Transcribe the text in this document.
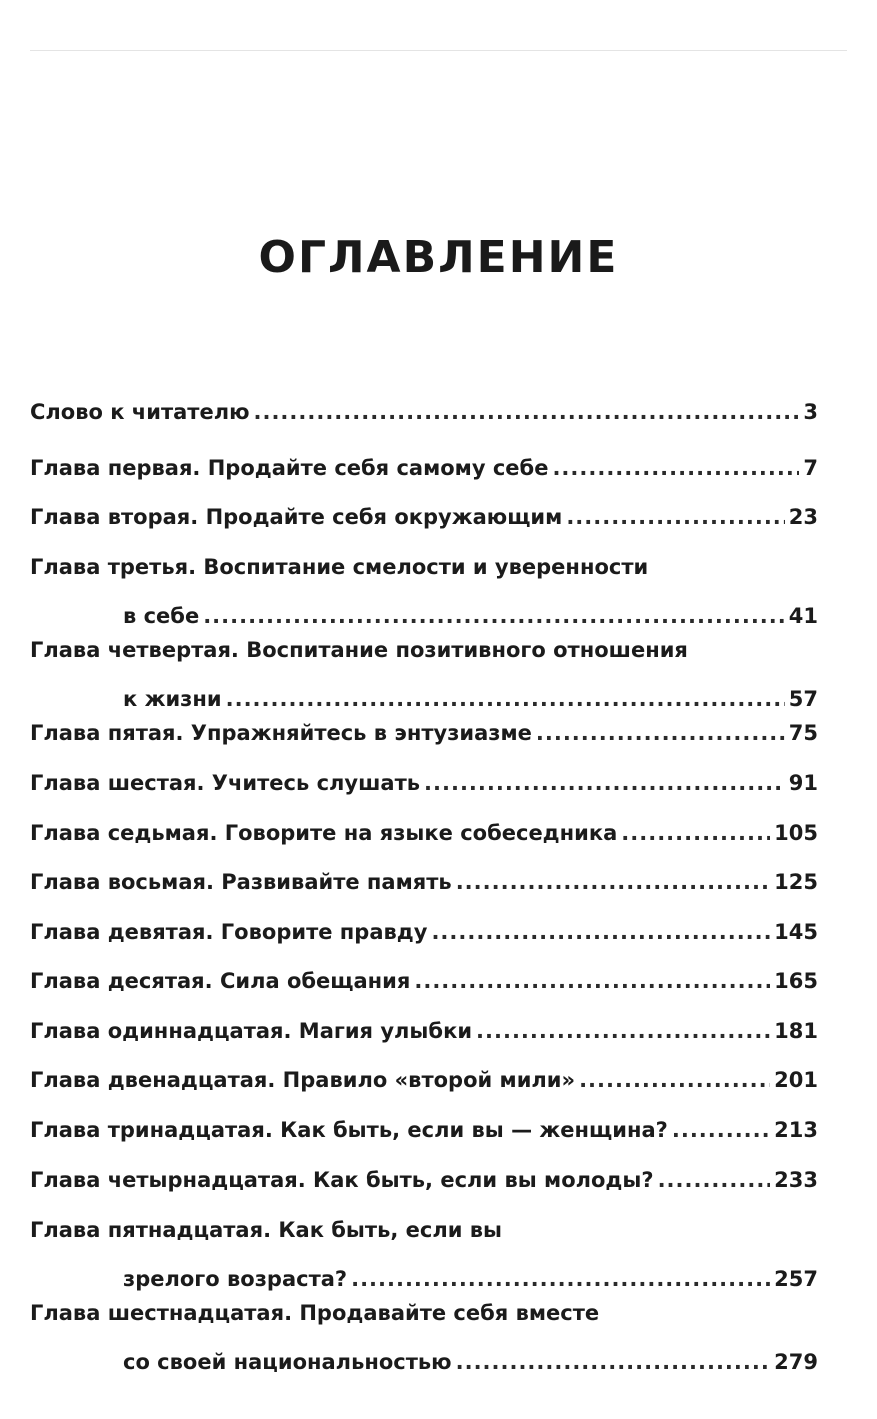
ОГЛАВЛЕНИЕ
Слово к читателю .....	3
Глава первая. Продайте себя самому себе .....	7
Глава вторая. Продайте себя окружающим .....	23
Глава третья. Воспитание смелости и уверенности
в себе .....	41
Глава четвертая. Воспитание позитивного отношения
к жизни .....	57
Глава пятая. Упражняйтесь в энтузиазме .....	75
Глава шестая. Учитесь слушать .....	91
Глава седьмая. Говорите на языке собеседника .....	105
Глава восьмая. Развивайте память .....	125
Глава девятая. Говорите правду .....	145
Глава десятая. Сила обещания .....	165
Глава одиннадцатая. Магия улыбки .....	181
Глава двенадцатая. Правило «второй мили» .....	201
Глава тринадцатая. Как быть, если вы — женщина? .....	213
Глава четырнадцатая. Как быть, если вы молоды? .....	233
Глава пятнадцатая. Как быть, если вы
зрелого возраста? .....	257
Глава шестнадцатая. Продавайте себя вместе
со своей национальностью .....	279
